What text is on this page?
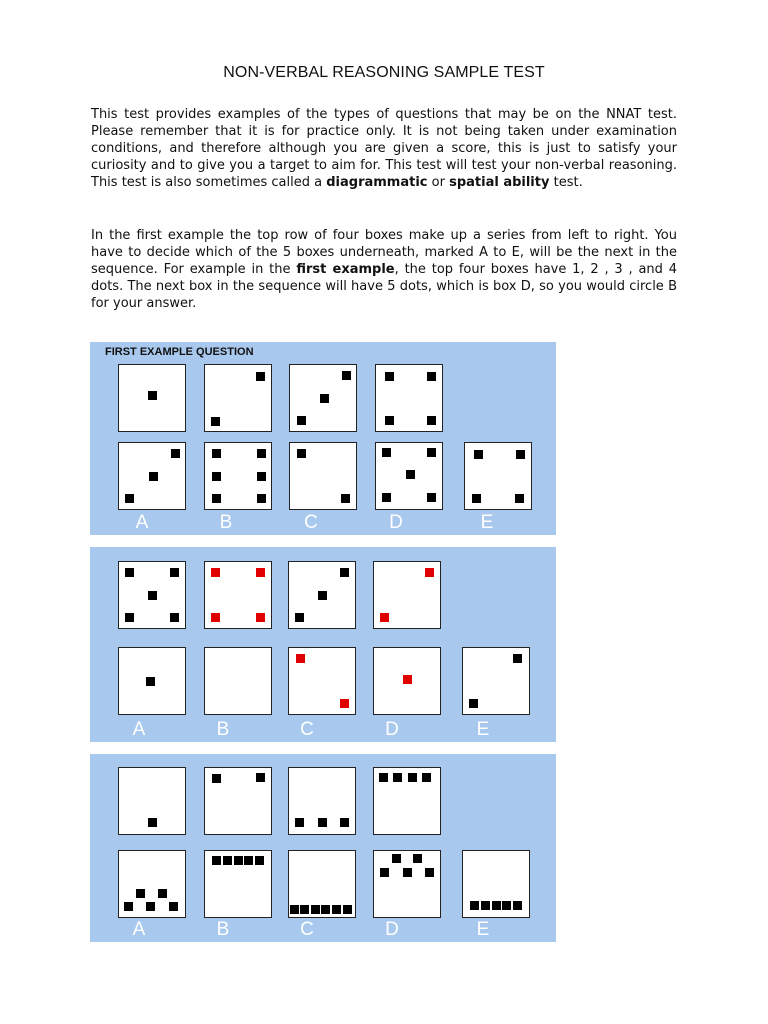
NON-VERBAL REASONING SAMPLE TEST

This test provides examples of the types of questions that may be on the NNAT test. Please remember that it is for practice only. It is not being taken under examination conditions, and therefore although you are given a score, this is just to satisfy your curiosity and to give you a target to aim for. This test will test your non-verbal reasoning. This test is also sometimes called a diagrammatic or spatial ability test.

In the first example the top row of four boxes make up a series from left to right. You have to decide which of the 5 boxes underneath, marked A to E, will be the next in the sequence. For example in the first example, the top four boxes have 1, 2 , 3 , and 4 dots. The next box in the sequence will have 5 dots, which is box D, so you would circle B for your answer.

FIRST EXAMPLE QUESTION
A	B	C	D	E
A	B	C	D	E
A	B	C	D	E
